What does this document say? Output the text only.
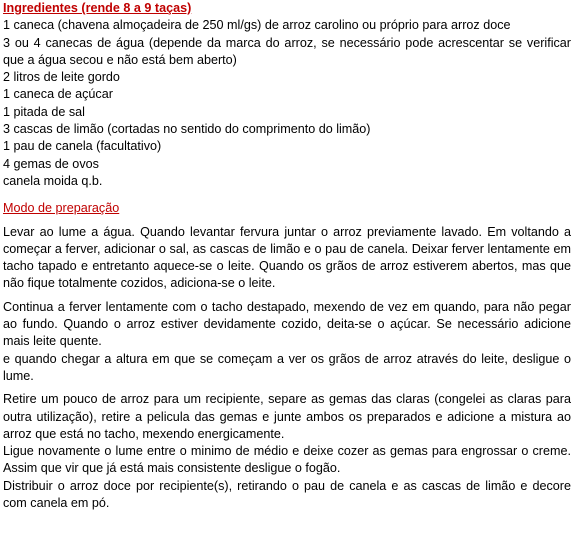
Ingredientes (rende 8 a 9 taças)
1 caneca (chavena almoçadeira de 250 ml/gs) de arroz carolino ou próprio para arroz doce
3 ou 4 canecas de água (depende da marca do arroz, se necessário pode acrescentar se verificar que a água secou e não está bem aberto)
2 litros de leite gordo
1 caneca de açúcar
1 pitada de sal
3 cascas de limão (cortadas no sentido do comprimento do limão)
1 pau de canela (facultativo)
4 gemas de ovos
canela moida q.b.
Modo de preparação
Levar ao lume a água. Quando levantar fervura juntar o arroz previamente lavado. Em voltando a começar a ferver, adicionar o sal, as cascas de limão e o pau de canela. Deixar ferver lentamente em tacho tapado e entretanto aquece-se o leite. Quando os grãos de arroz estiverem abertos, mas que não fique totalmente cozidos, adiciona-se o leite.
Continua a ferver lentamente com o tacho destapado, mexendo de vez em quando, para não pegar ao fundo. Quando o arroz estiver devidamente cozido, deita-se o açúcar. Se necessário adicione mais leite quente.
e quando chegar a altura em que se começam a ver os grãos de arroz através do leite, desligue o lume.
Retire um pouco de arroz para um recipiente, separe as gemas das claras (congelei as claras para outra utilização), retire a pelicula das gemas e junte ambos os preparados e adicione a mistura ao arroz que está no tacho, mexendo energicamente.
Ligue novamente o lume entre o minimo de médio e deixe cozer as gemas para engrossar o creme. Assim que vir que já está mais consistente desligue o fogão.
Distribuir o arroz doce por recipiente(s), retirando o pau de canela e as cascas de limão e decore com canela em pó.
